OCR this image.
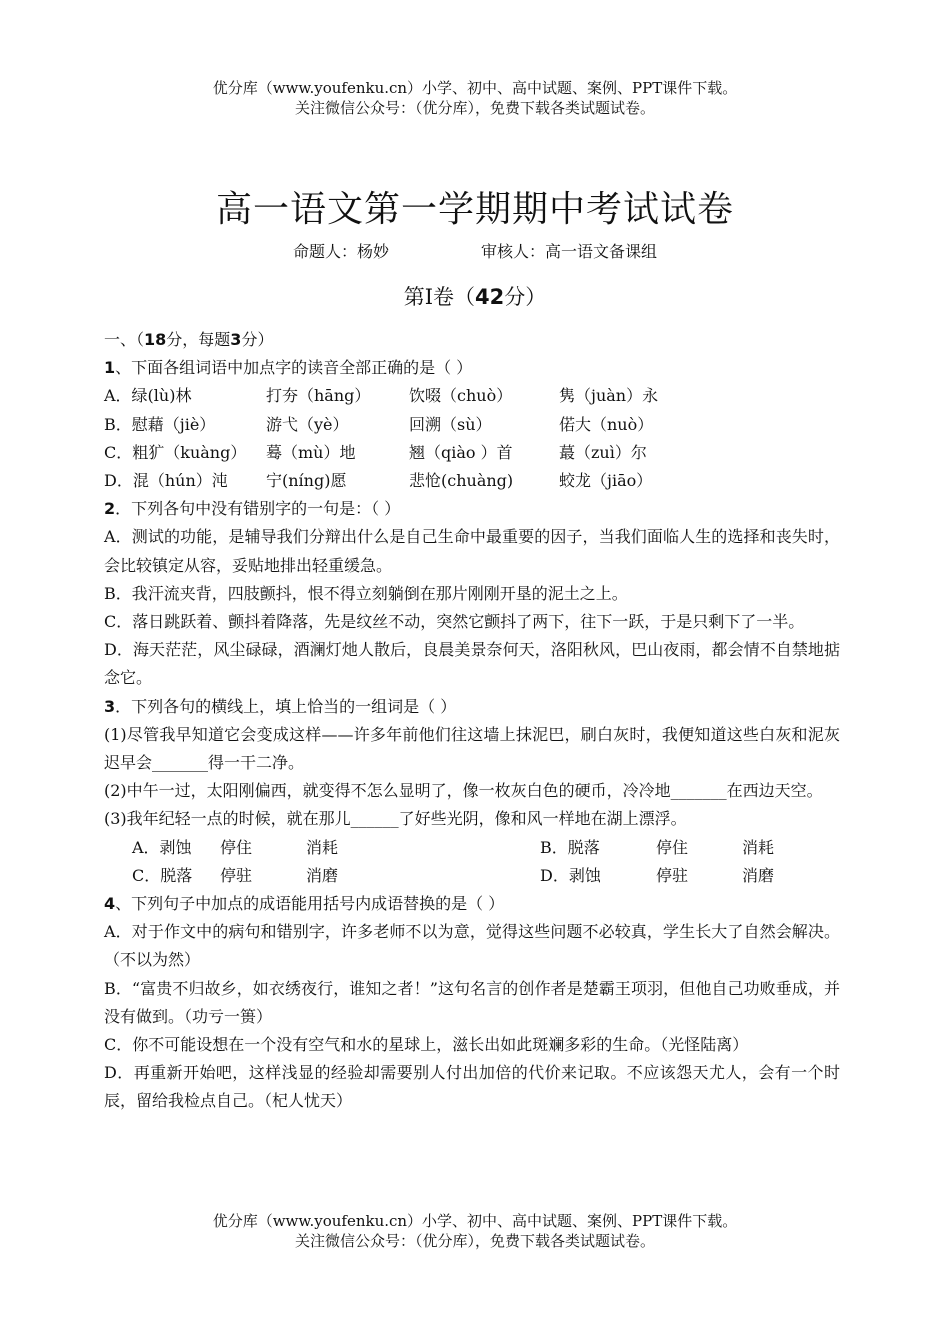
优分库（www.youfenku.cn）小学、初中、高中试题、案例、PPT课件下载。
关注微信公众号：（优分库），免费下载各类试题试卷。
高一语文第一学期期中考试试卷
命题人：杨妙	审核人：高一语文备课组
第Ⅰ卷（42分）
一、（18分，每题3分）
1、下面各组词语中加点字的读音全部正确的是（ ）
A．绿(lù)林	打夯（hāng）	饮啜（chuò）	隽（juàn）永
B．慰藉（jiè）	游弋（yè）	回溯（sù）	偌大（nuò）
C．粗犷（kuàng）	蓦（mù）地	翘（qiào ）首	蕞（zuì）尔
D．混（hún）沌	宁(níng)愿	悲怆(chuàng)	蛟龙（jiāo）
2．下列各句中没有错别字的一句是：（ ）
A．测试的功能，是辅导我们分辩出什么是自己生命中最重要的因子，当我们面临人生的选择和丧失时，会比较镇定从容，妥贴地排出轻重缓急。
B．我汗流夹背，四肢颤抖，恨不得立刻躺倒在那片刚刚开垦的泥土之上。
C．落日跳跃着、颤抖着降落，先是纹丝不动，突然它颤抖了两下，往下一跃，于是只剩下了一半。
D．海天茫茫，风尘碌碌，酒澜灯灺人散后，良晨美景奈何天，洛阳秋风，巴山夜雨，都会情不自禁地掂念它。
3．下列各句的横线上，填上恰当的一组词是（ ）
(1)尽管我早知道它会变成这样——许多年前他们往这墙上抹泥巴，刷白灰时，我便知道这些白灰和泥灰迟早会_______得一干二净。
(2)中午一过，太阳刚偏西，就变得不怎么显明了，像一枚灰白色的硬币，冷冷地_______在西边天空。
(3)我年纪轻一点的时候，就在那儿______了好些光阴，像和风一样地在湖上漂浮。
A．剥蚀	停住	消耗	B．脱落	停住	消耗
C．脱落	停驻	消磨	D．剥蚀	停驻	消磨
4、下列句子中加点的成语能用括号内成语替换的是（ ）
A．对于作文中的病句和错别字，许多老师不以为意，觉得这些问题不必较真，学生长大了自然会解决。（不以为然）
B．“富贵不归故乡，如衣绣夜行，谁知之者！”这句名言的创作者是楚霸王项羽，但他自己功败垂成，并没有做到。（功亏一篑）
C．你不可能设想在一个没有空气和水的星球上，滋长出如此斑斓多彩的生命。（光怪陆离）
D．再重新开始吧，这样浅显的经验却需要别人付出加倍的代价来记取。不应该怨天尤人，会有一个时辰，留给我检点自己。（杞人忧天）
优分库（www.youfenku.cn）小学、初中、高中试题、案例、PPT课件下载。
关注微信公众号：（优分库），免费下载各类试题试卷。
